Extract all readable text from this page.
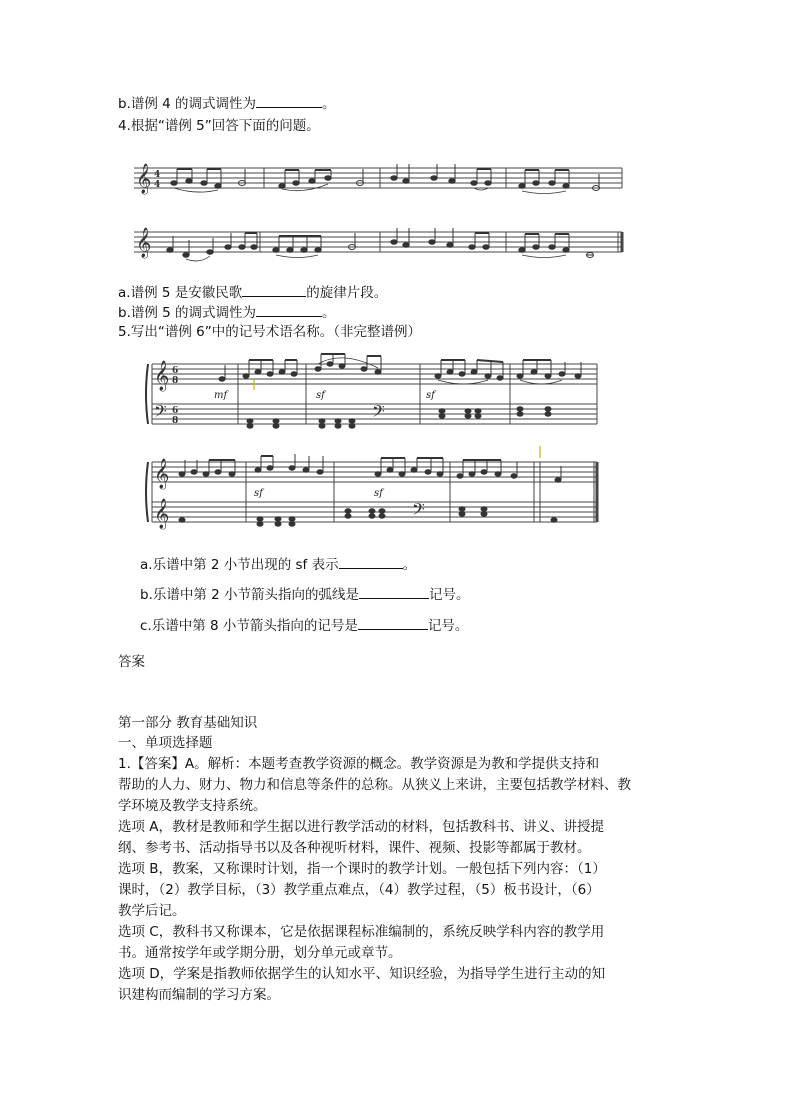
b.谱例 4 的调式调性为	。
4.根据“谱例 5”回答下面的问题。
𝄞
𝄞
4
4
a.谱例 5 是安徽民歌	的旋律片段。
b.谱例 5 的调式调性为	。
5.写出“谱例 6”中的记号术语名称。（非完整谱例）
𝄞
𝄢
𝄞
𝄞
6
8
6
8	𝄢
𝄢
mf	sf	sf
sf	sf
a.乐谱中第 2 小节出现的 sf 表示	。
b.乐谱中第 2 小节箭头指向的弧线是	记号。
c.乐谱中第 8 小节箭头指向的记号是	记号。
答案
第一部分 教育基础知识
一、单项选择题
1.【答案】A。解析：本题考查教学资源的概念。教学资源是为教和学提供支持和
帮助的人力、财力、物力和信息等条件的总称。从狭义上来讲，主要包括教学材料、教
学环境及教学支持系统。
选项 A，教材是教师和学生据以进行教学活动的材料，包括教科书、讲义、讲授提
纲、参考书、活动指导书以及各种视听材料，课件、视频、投影等都属于教材。
选项 B，教案，又称课时计划，指一个课时的教学计划。一般包括下列内容：（1）
课时，（2）教学目标，（3）教学重点难点，（4）教学过程，（5）板书设计，（6）
教学后记。
选项 C，教科书又称课本，它是依据课程标准编制的，系统反映学科内容的教学用
书。通常按学年或学期分册，划分单元或章节。
选项 D，学案是指教师依据学生的认知水平、知识经验，为指导学生进行主动的知
识建构而编制的学习方案。
